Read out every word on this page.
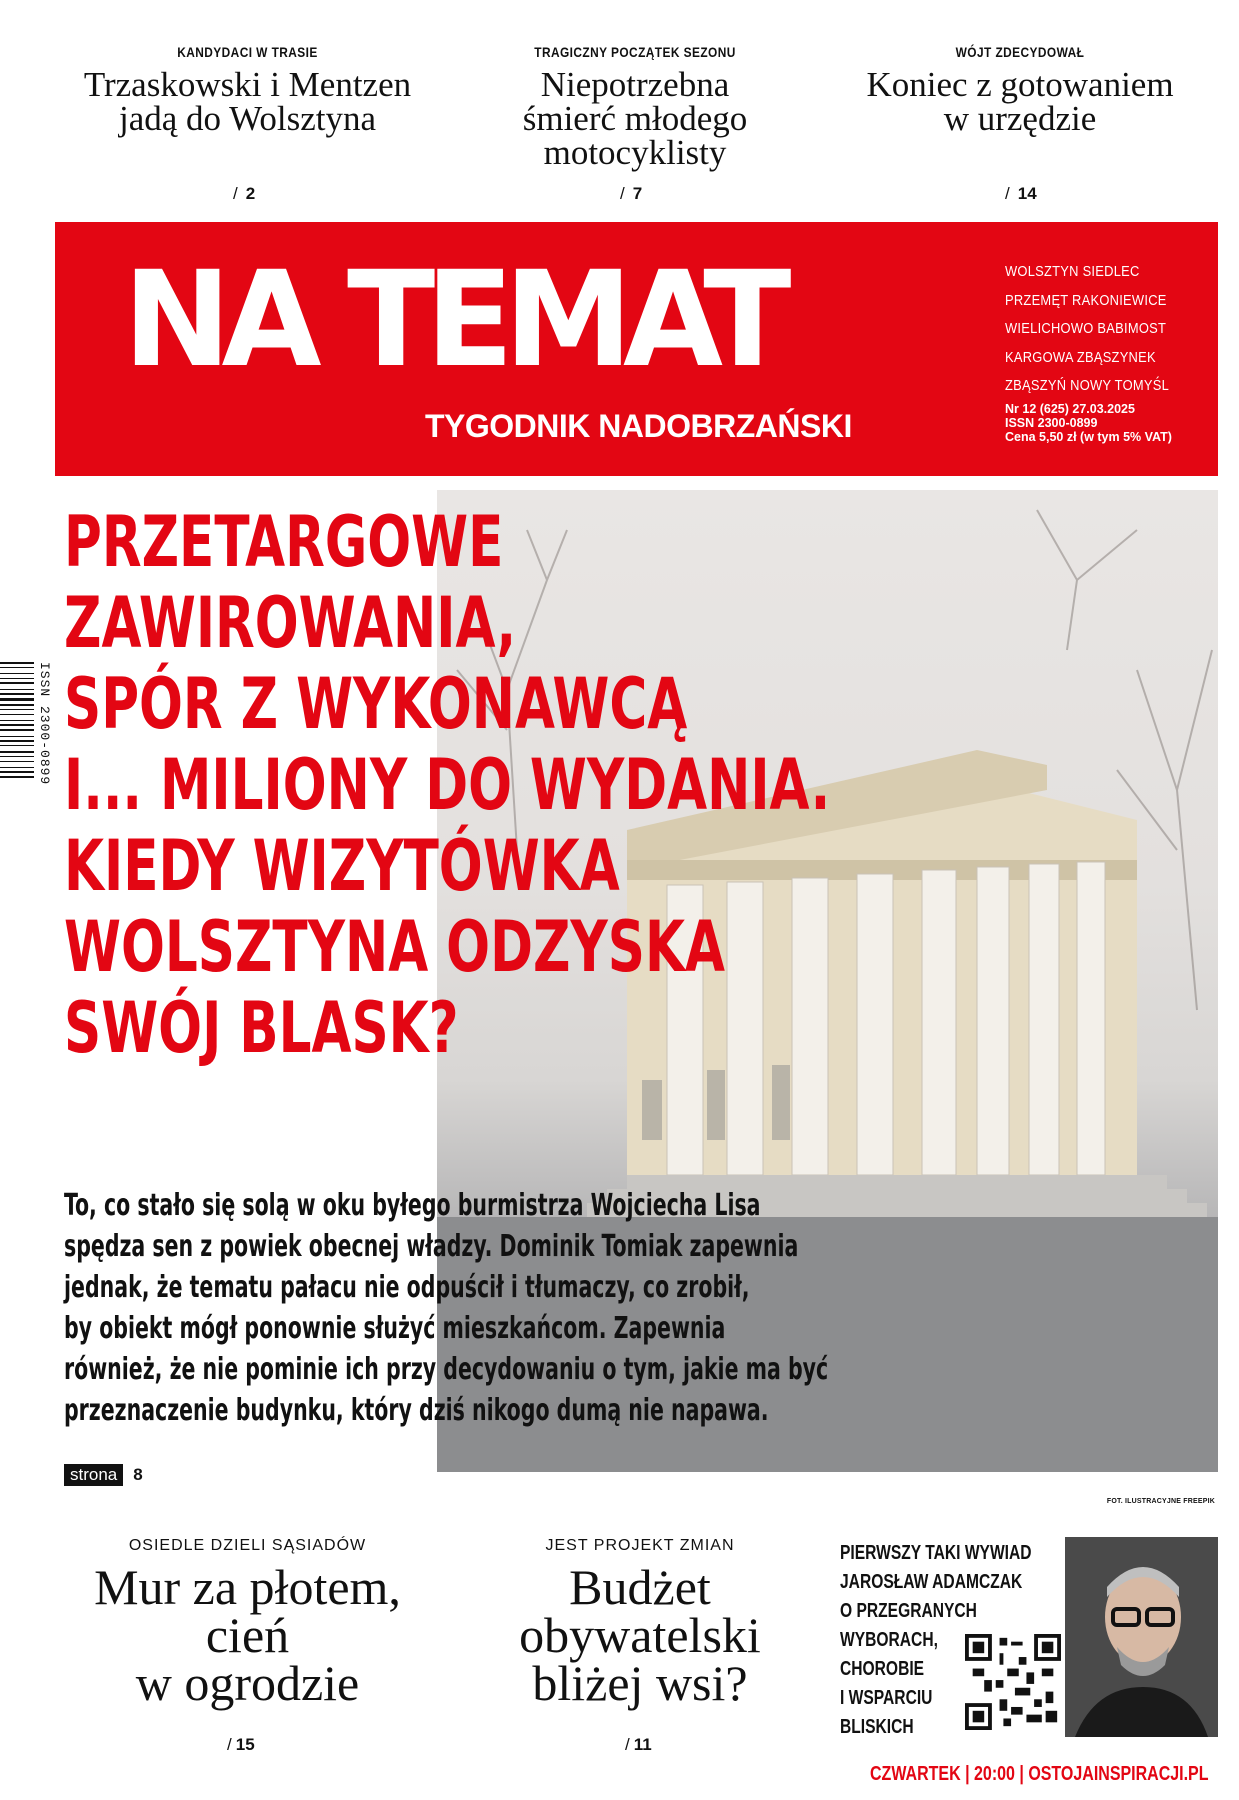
KANDYDACI W TRASIE
Trzaskowski i Mentzen
jadą do Wolsztyna
/ 2
TRAGICZNY POCZĄTEK SEZONU
Niepotrzebna
śmierć młodego
motocyklisty
/ 7
WÓJT ZDECYDOWAŁ
Koniec z gotowaniem
w urzędzie
/ 14
NA TEMAT
TYGODNIK NADOBRZAŃSKI
WOLSZTYN SIEDLEC
PRZEMĘT RAKONIEWICE
WIELICHOWO BABIMOST
KARGOWA ZBĄSZYNEK
ZBĄSZYŃ NOWY TOMYŚL
Nr 12 (625) 27.03.2025
ISSN 2300-0899
Cena 5,50 zł (w tym 5% VAT)
ISSN 2300-0899
PRZETARGOWE
ZAWIROWANIA,
SPÓR Z WYKONAWCĄ
I... MILIONY DO WYDANIA.
KIEDY WIZYTÓWKA
WOLSZTYNA ODZYSKA
SWÓJ BLASK?
To, co stało się solą w oku byłego burmistrza Wojciecha Lisa
spędza sen z powiek obecnej władzy. Dominik Tomiak zapewnia
jednak, że tematu pałacu nie odpuścił i tłumaczy, co zrobił,
by obiekt mógł ponownie służyć mieszkańcom. Zapewnia
również, że nie pominie ich przy decydowaniu o tym, jakie ma być
przeznaczenie budynku, który dziś nikogo dumą nie napawa.
strona 8
FOT. ILUSTRACYJNE FREEPIK
OSIEDLE DZIELI SĄSIADÓW
Mur za płotem,
cień
w ogrodzie
/ 15
JEST PROJEKT ZMIAN
Budżet
obywatelski
bliżej wsi?
/ 11
PIERWSZY TAKI WYWIAD
JAROSŁAW ADAMCZAK
O PRZEGRANYCH
WYBORACH,
CHOROBIE
I WSPARCIU
BLISKICH
CZWARTEK | 20:00 | OSTOJAINSPIRACJI.PL
